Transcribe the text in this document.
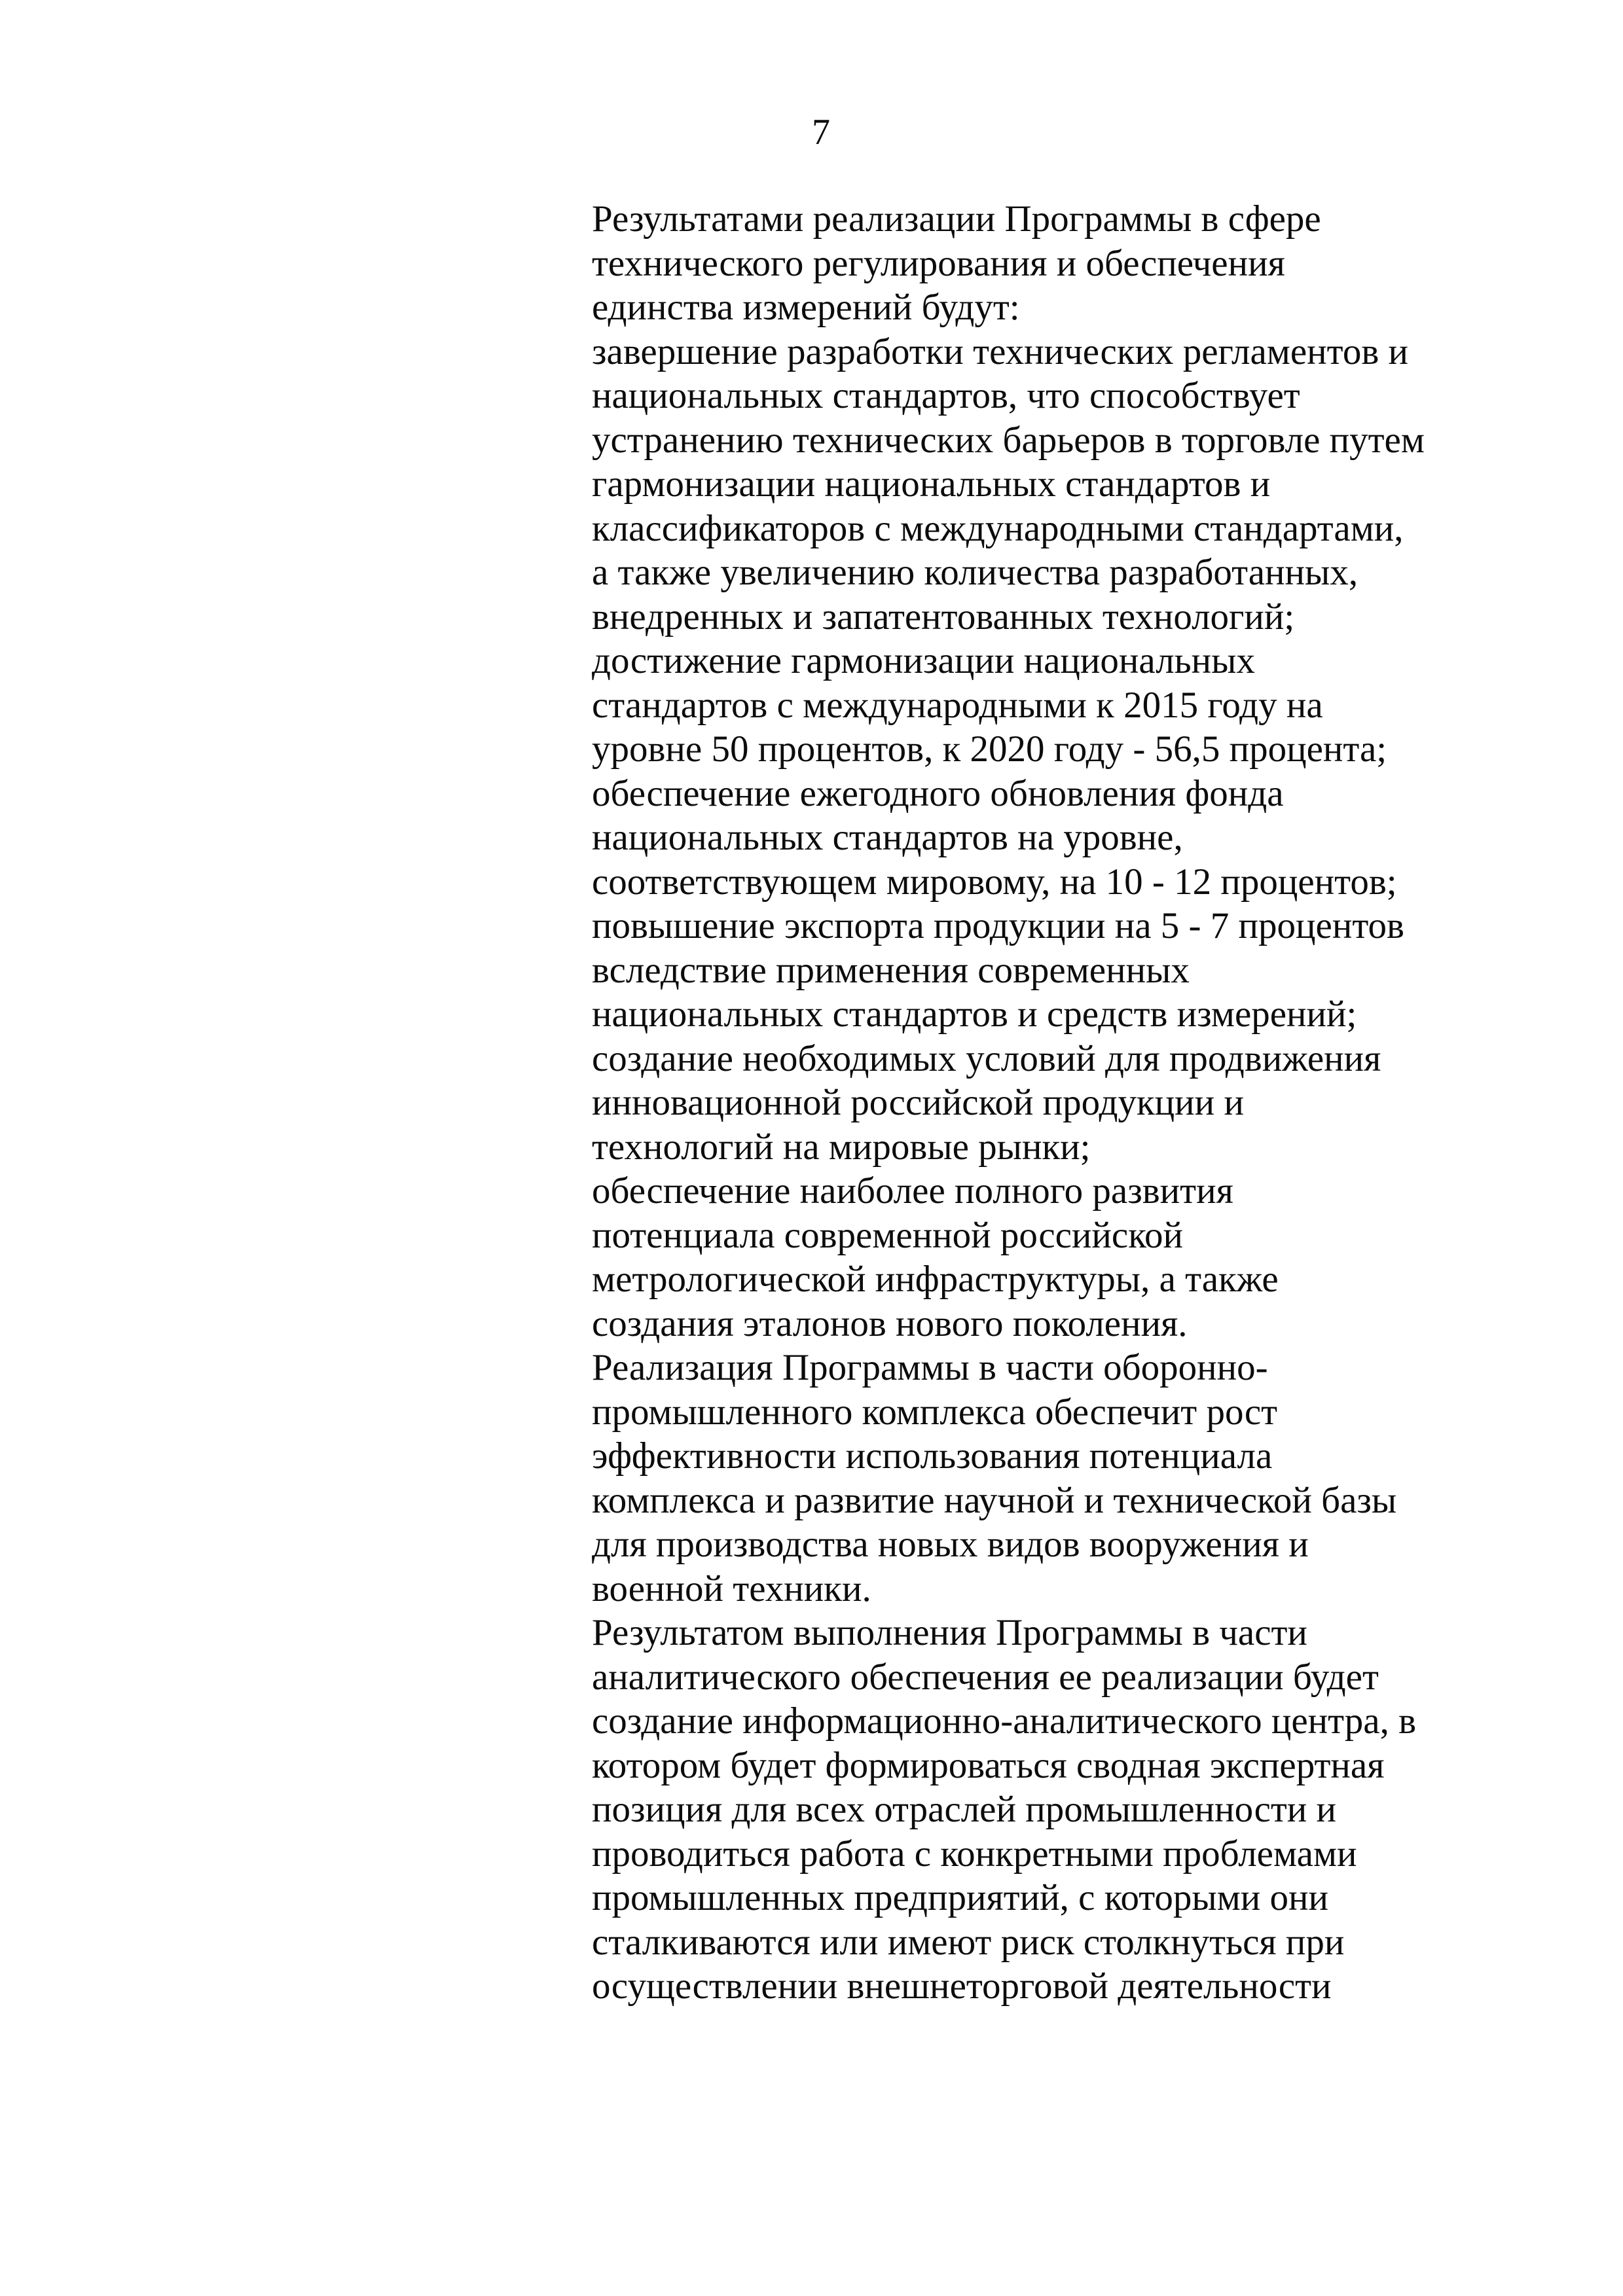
7
Результатами реализации Программы в сфере
технического регулирования и обеспечения
единства измерений будут:
завершение разработки технических регламентов и
национальных стандартов, что способствует
устранению технических барьеров в торговле путем
гармонизации национальных стандартов и
классификаторов с международными стандартами,
а также увеличению количества разработанных,
внедренных и запатентованных технологий;
достижение гармонизации национальных
стандартов с международными к 2015 году на
уровне 50 процентов, к 2020 году - 56,5 процента;
обеспечение ежегодного обновления фонда
национальных стандартов на уровне,
соответствующем мировому, на 10 - 12 процентов;
повышение экспорта продукции на 5 - 7 процентов
вследствие применения современных
национальных стандартов и средств измерений;
создание необходимых условий для продвижения
инновационной российской продукции и
технологий на мировые рынки;
обеспечение наиболее полного развития
потенциала современной российской
метрологической инфраструктуры, а также
создания эталонов нового поколения.
Реализация Программы в части оборонно-
промышленного комплекса обеспечит рост
эффективности использования потенциала
комплекса и развитие научной и технической базы
для производства новых видов вооружения и
военной техники.
Результатом выполнения Программы в части
аналитического обеспечения ее реализации будет
создание информационно-аналитического центра, в
котором будет формироваться сводная экспертная
позиция для всех отраслей промышленности и
проводиться работа с конкретными проблемами
промышленных предприятий, с которыми они
сталкиваются или имеют риск столкнуться при
осуществлении внешнеторговой деятельности
